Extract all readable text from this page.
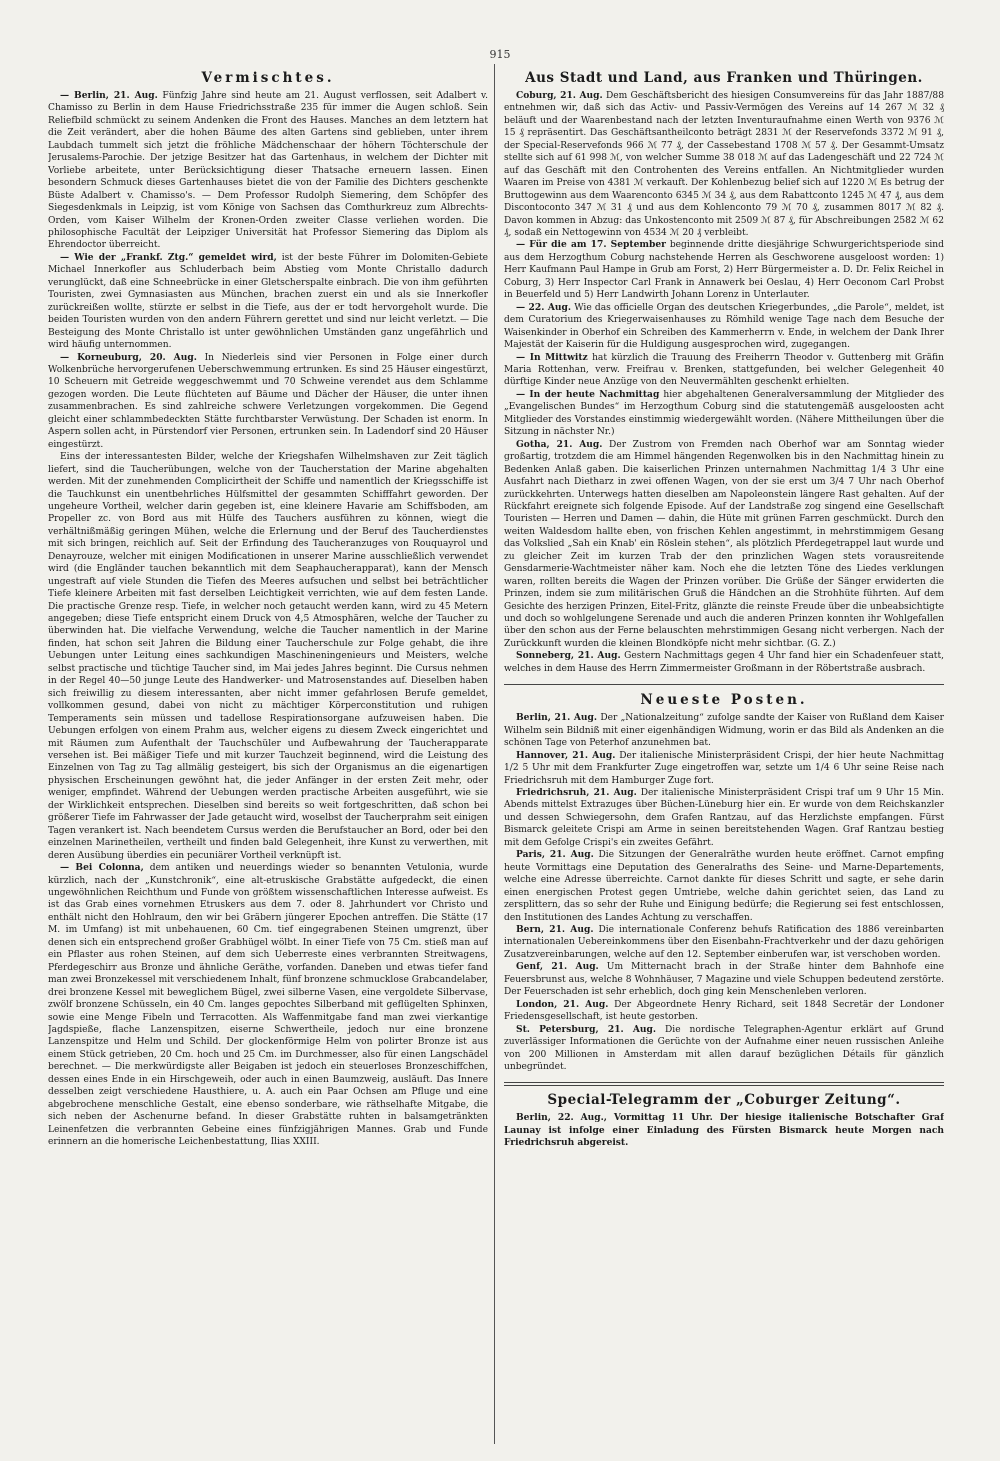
915
Vermischtes.

— Berlin, 21. Aug. Fünfzig Jahre sind heute am 21. August verflossen, seit Adalbert v. Chamisso zu Berlin in dem Hause Friedrichsstraße 235 für immer die Augen schloß. Sein Reliefbild schmückt zu seinem Andenken die Front des Hauses. Manches an dem letztern hat die Zeit verändert, aber die hohen Bäume des alten Gartens sind geblieben, unter ihrem Laubdach tummelt sich jetzt die fröhliche Mädchenschaar der höhern Töchterschule der Jerusalems-Parochie. Der jetzige Besitzer hat das Gartenhaus, in welchem der Dichter mit Vorliebe arbeitete, unter Berücksichtigung dieser Thatsache erneuern lassen. Einen besondern Schmuck dieses Gartenhauses bietet die von der Familie des Dichters geschenkte Büste Adalbert v. Chamisso's. — Dem Professor Rudolph Siemering, dem Schöpfer des Siegesdenkmals in Leipzig, ist vom Könige von Sachsen das Comthurkreuz zum Albrechts-Orden, vom Kaiser Wilhelm der Kronen-Orden zweiter Classe verliehen worden. Die philosophische Facultät der Leipziger Universität hat Professor Siemering das Diplom als Ehrendoctor überreicht.

— Wie der „Frankf. Ztg.“ gemeldet wird, ist der beste Führer im Dolomiten-Gebiete Michael Innerkofler aus Schluderbach beim Abstieg vom Monte Christallo dadurch verunglückt, daß eine Schneebrücke in einer Gletscherspalte einbrach. Die von ihm geführten Touristen, zwei Gymnasiasten aus München, brachen zuerst ein und als sie Innerkofler zurückreißen wollte, stürzte er selbst in die Tiefe, aus der er todt hervorgeholt wurde. Die beiden Touristen wurden von den andern Führern gerettet und sind nur leicht verletzt. — Die Besteigung des Monte Christallo ist unter gewöhnlichen Umständen ganz ungefährlich und wird häufig unternommen.

— Korneuburg, 20. Aug. In Niederleis sind vier Personen in Folge einer durch Wolkenbrüche hervorgerufenen Ueberschwemmung ertrunken. Es sind 25 Häuser eingestürzt, 10 Scheuern mit Getreide weggeschwemmt und 70 Schweine verendet aus dem Schlamme gezogen worden. Die Leute flüchteten auf Bäume und Dächer der Häuser, die unter ihnen zusammenbrachen. Es sind zahlreiche schwere Verletzungen vorgekommen. Die Gegend gleicht einer schlammbedeckten Stätte furchtbarster Verwüstung. Der Schaden ist enorm. In Aspern sollen acht, in Pürstendorf vier Personen, ertrunken sein. In Ladendorf sind 20 Häuser eingestürzt.

Eins der interessantesten Bilder, welche der Kriegshafen Wilhelmshaven zur Zeit täglich liefert, sind die Taucherübungen, welche von der Taucherstation der Marine abgehalten werden. Mit der zunehmenden Complicirtheit der Schiffe und namentlich der Kriegsschiffe ist die Tauchkunst ein unentbehrliches Hülfsmittel der gesammten Schifffahrt geworden. Der ungeheure Vortheil, welcher darin gegeben ist, eine kleinere Havarie am Schiffsboden, am Propeller zc. von Bord aus mit Hülfe des Tauchers ausführen zu können, wiegt die verhältnißmäßig geringen Mühen, welche die Erlernung und der Beruf des Taucherdienstes mit sich bringen, reichlich auf. Seit der Erfindung des Taucheranzuges von Rouquayrol und Denayrouze, welcher mit einigen Modificationen in unserer Marine ausschließlich verwendet wird (die Engländer tauchen bekanntlich mit dem Seaphaucherapparat), kann der Mensch ungestraft auf viele Stunden die Tiefen des Meeres aufsuchen und selbst bei beträchtlicher Tiefe kleinere Arbeiten mit fast derselben Leichtigkeit verrichten, wie auf dem festen Lande. Die practische Grenze resp. Tiefe, in welcher noch getaucht werden kann, wird zu 45 Metern angegeben; diese Tiefe entspricht einem Druck von 4,5 Atmosphären, welche der Taucher zu überwinden hat. Die vielfache Verwendung, welche die Taucher namentlich in der Marine finden, hat schon seit Jahren die Bildung einer Taucherschule zur Folge gehabt, die ihre Uebungen unter Leitung eines sachkundigen Maschineningenieurs und Meisters, welche selbst practische und tüchtige Taucher sind, im Mai jedes Jahres beginnt. Die Cursus nehmen in der Regel 40—50 junge Leute des Handwerker- und Matrosenstandes auf. Dieselben haben sich freiwillig zu diesem interessanten, aber nicht immer gefahrlosen Berufe gemeldet, vollkommen gesund, dabei von nicht zu mächtiger Körperconstitution und ruhigen Temperaments sein müssen und tadellose Respirationsorgane aufzuweisen haben. Die Uebungen erfolgen von einem Prahm aus, welcher eigens zu diesem Zweck eingerichtet und mit Räumen zum Aufenthalt der Tauchschüler und Aufbewahrung der Taucherapparate versehen ist. Bei mäßiger Tiefe und mit kurzer Tauchzeit beginnend, wird die Leistung des Einzelnen von Tag zu Tag allmälig gesteigert, bis sich der Organismus an die eigenartigen physischen Erscheinungen gewöhnt hat, die jeder Anfänger in der ersten Zeit mehr, oder weniger, empfindet. Während der Uebungen werden practische Arbeiten ausgeführt, wie sie der Wirklichkeit entsprechen. Dieselben sind bereits so weit fortgeschritten, daß schon bei größerer Tiefe im Fahrwasser der Jade getaucht wird, woselbst der Taucherprahm seit einigen Tagen verankert ist. Nach beendetem Cursus werden die Berufstaucher an Bord, oder bei den einzelnen Marinetheilen, vertheilt und finden bald Gelegenheit, ihre Kunst zu verwerthen, mit deren Ausübung überdies ein pecuniärer Vortheil verknüpft ist.

— Bei Colonna, dem antiken und neuerdings wieder so benannten Vetulonia, wurde kürzlich, nach der „Kunstchronik“, eine alt-etruskische Grabstätte aufgedeckt, die einen ungewöhnlichen Reichthum und Funde von größtem wissenschaftlichen Interesse aufweist. Es ist das Grab eines vornehmen Etruskers aus dem 7. oder 8. Jahrhundert vor Christo und enthält nicht den Hohlraum, den wir bei Gräbern jüngerer Epochen antreffen. Die Stätte (17 M. im Umfang) ist mit unbehauenen, 60 Cm. tief eingegrabenen Steinen umgrenzt, über denen sich ein entsprechend großer Grabhügel wölbt. In einer Tiefe von 75 Cm. stieß man auf ein Pflaster aus rohen Steinen, auf dem sich Ueberreste eines verbrannten Streitwagens, Pferdegeschirr aus Bronze und ähnliche Geräthe, vorfanden. Daneben und etwas tiefer fand man zwei Bronzekessel mit verschiedenem Inhalt, fünf bronzene schmucklose Grabcandelaber, drei bronzene Kessel mit beweglichem Bügel, zwei silberne Vasen, eine vergoldete Silbervase, zwölf bronzene Schüsseln, ein 40 Cm. langes gepochtes Silberband mit geflügelten Sphinxen, sowie eine Menge Fibeln und Terracotten. Als Waffenmitgabe fand man zwei vierkantige Jagdspieße, flache Lanzenspitzen, eiserne Schwertheile, jedoch nur eine bronzene Lanzenspitze und Helm und Schild. Der glockenförmige Helm von polirter Bronze ist aus einem Stück getrieben, 20 Cm. hoch und 25 Cm. im Durchmesser, also für einen Langschädel berechnet. — Die merkwürdigste aller Beigaben ist jedoch ein steuerloses Bronzeschiffchen, dessen eines Ende in ein Hirschgeweih, oder auch in einen Baumzweig, ausläuft. Das Innere desselben zeigt verschiedene Hausthiere, u. A. auch ein Paar Ochsen am Pfluge und eine abgebrochene menschliche Gestalt, eine ebenso sonderbare, wie räthselhafte Mitgabe, die sich neben der Aschenurne befand. In dieser Grabstätte ruhten in balsamgetränkten Leinenfetzen die verbrannten Gebeine eines fünfzigjährigen Mannes. Grab und Funde erinnern an die homerische Leichenbestattung, Ilias XXIII.

Aus Stadt und Land, aus Franken und Thüringen.

Coburg, 21. Aug. Dem Geschäftsbericht des hiesigen Consumvereins für das Jahr 1887/88 entnehmen wir, daß sich das Activ- und Passiv-Vermögen des Vereins auf 14 267 ℳ 32 ₰ beläuft und der Waarenbestand nach der letzten Inventuraufnahme einen Werth von 9376 ℳ 15 ₰ repräsentirt. Das Geschäftsantheilconto beträgt 2831 ℳ der Reservefonds 3372 ℳ 91 ₰, der Special-Reservefonds 966 ℳ 77 ₰, der Cassebestand 1708 ℳ 57 ₰. Der Gesammt-Umsatz stellte sich auf 61 998 ℳ, von welcher Summe 38 018 ℳ auf das Ladengeschäft und 22 724 ℳ auf das Geschäft mit den Controhenten des Vereins entfallen. An Nichtmitglieder wurden Waaren im Preise von 4381 ℳ verkauft. Der Kohlenbezug belief sich auf 1220 ℳ Es betrug der Bruttogewinn aus dem Waarenconto 6345 ℳ 34 ₰, aus dem Rabattconto 1245 ℳ 47 ₰, aus dem Discontoconto 347 ℳ 31 ₰ und aus dem Kohlenconto 79 ℳ 70 ₰, zusammen 8017 ℳ 82 ₰. Davon kommen in Abzug: das Unkostenconto mit 2509 ℳ 87 ₰, für Abschreibungen 2582 ℳ 62 ₰, sodaß ein Nettogewinn von 4534 ℳ 20 ₰ verbleibt.

— Für die am 17. September beginnende dritte diesjährige Schwurgerichtsperiode sind aus dem Herzogthum Coburg nachstehende Herren als Geschworene ausgeloost worden: 1) Herr Kaufmann Paul Hampe in Grub am Forst, 2) Herr Bürgermeister a. D. Dr. Felix Reichel in Coburg, 3) Herr Inspector Carl Frank in Annawerk bei Oeslau, 4) Herr Oeconom Carl Probst in Beuerfeld und 5) Herr Landwirth Johann Lorenz in Unterlauter.

— 22. Aug. Wie das officielle Organ des deutschen Kriegerbundes, „die Parole“, meldet, ist dem Curatorium des Kriegerwaisenhauses zu Römhild wenige Tage nach dem Besuche der Waisenkinder in Oberhof ein Schreiben des Kammerherrn v. Ende, in welchem der Dank Ihrer Majestät der Kaiserin für die Huldigung ausgesprochen wird, zugegangen.

— In Mittwitz hat kürzlich die Trauung des Freiherrn Theodor v. Guttenberg mit Gräfin Maria Rottenhan, verw. Freifrau v. Brenken, stattgefunden, bei welcher Gelegenheit 40 dürftige Kinder neue Anzüge von den Neuvermählten geschenkt erhielten.

— In der heute Nachmittag hier abgehaltenen Generalversammlung der Mitglieder des „Evangelischen Bundes“ im Herzogthum Coburg sind die statutengemäß ausgeloosten acht Mitglieder des Vorstandes einstimmig wiedergewählt worden. (Nähere Mittheilungen über die Sitzung in nächster Nr.)

Gotha, 21. Aug. Der Zustrom von Fremden nach Oberhof war am Sonntag wieder großartig, trotzdem die am Himmel hängenden Regenwolken bis in den Nachmittag hinein zu Bedenken Anlaß gaben. Die kaiserlichen Prinzen unternahmen Nachmittag 1/4 3 Uhr eine Ausfahrt nach Dietharz in zwei offenen Wagen, von der sie erst um 3/4 7 Uhr nach Oberhof zurückkehrten. Unterwegs hatten dieselben am Napoleonstein längere Rast gehalten. Auf der Rückfahrt ereignete sich folgende Episode. Auf der Landstraße zog singend eine Gesellschaft Touristen — Herren und Damen — dahin, die Hüte mit grünen Farren geschmückt. Durch den weiten Waldesdom hallte eben, von frischen Kehlen angestimmt, in mehrstimmigem Gesang das Volkslied „Sah ein Knab' ein Röslein stehen“, als plötzlich Pferdegetrappel laut wurde und zu gleicher Zeit im kurzen Trab der den prinzlichen Wagen stets vorausreitende Gensdarmerie-Wachtmeister näher kam. Noch ehe die letzten Töne des Liedes verklungen waren, rollten bereits die Wagen der Prinzen vorüber. Die Grüße der Sänger erwiderten die Prinzen, indem sie zum militärischen Gruß die Händchen an die Strohhüte führten. Auf dem Gesichte des herzigen Prinzen, Eitel-Fritz, glänzte die reinste Freude über die unbeabsichtigte und doch so wohlgelungene Serenade und auch die anderen Prinzen konnten ihr Wohlgefallen über den schon aus der Ferne belauschten mehrstimmigen Gesang nicht verbergen. Nach der Zurückkunft wurden die kleinen Blondköpfe nicht mehr sichtbar. (G. Z.)

Sonneberg, 21. Aug. Gestern Nachmittags gegen 4 Uhr fand hier ein Schadenfeuer statt, welches in dem Hause des Herrn Zimmermeister Großmann in der Röbertstraße ausbrach.

Neueste Posten.

Berlin, 21. Aug. Der „Nationalzeitung“ zufolge sandte der Kaiser von Rußland dem Kaiser Wilhelm sein Bildniß mit einer eigenhändigen Widmung, worin er das Bild als Andenken an die schönen Tage von Peterhof anzunehmen bat.

Hannover, 21. Aug. Der italienische Ministerpräsident Crispi, der hier heute Nachmittag 1/2 5 Uhr mit dem Frankfurter Zuge eingetroffen war, setzte um 1/4 6 Uhr seine Reise nach Friedrichsruh mit dem Hamburger Zuge fort.

Friedrichsruh, 21. Aug. Der italienische Ministerpräsident Crispi traf um 9 Uhr 15 Min. Abends mittelst Extrazuges über Büchen-Lüneburg hier ein. Er wurde von dem Reichskanzler und dessen Schwiegersohn, dem Grafen Rantzau, auf das Herzlichste empfangen. Fürst Bismarck geleitete Crispi am Arme in seinen bereitstehenden Wagen. Graf Rantzau bestieg mit dem Gefolge Crispi's ein zweites Gefährt.

Paris, 21. Aug. Die Sitzungen der Generalräthe wurden heute eröffnet. Carnot empfing heute Vormittags eine Deputation des Generalraths des Seine- und Marne-Departements, welche eine Adresse überreichte. Carnot dankte für dieses Schritt und sagte, er sehe darin einen energischen Protest gegen Umtriebe, welche dahin gerichtet seien, das Land zu zersplittern, das so sehr der Ruhe und Einigung bedürfe; die Regierung sei fest entschlossen, den Institutionen des Landes Achtung zu verschaffen.

Bern, 21. Aug. Die internationale Conferenz behufs Ratification des 1886 vereinbarten internationalen Uebereinkommens über den Eisenbahn-Frachtverkehr und der dazu gehörigen Zusatzvereinbarungen, welche auf den 12. September einberufen war, ist verschoben worden.

Genf, 21. Aug. Um Mitternacht brach in der Straße hinter dem Bahnhofe eine Feuersbrunst aus, welche 8 Wohnhäuser, 7 Magazine und viele Schuppen bedeutend zerstörte. Der Feuerschaden ist sehr erheblich, doch ging kein Menschenleben verloren.

London, 21. Aug. Der Abgeordnete Henry Richard, seit 1848 Secretär der Londoner Friedensgesellschaft, ist heute gestorben.

St. Petersburg, 21. Aug. Die nordische Telegraphen-Agentur erklärt auf Grund zuverlässiger Informationen die Gerüchte von der Aufnahme einer neuen russischen Anleihe von 200 Millionen in Amsterdam mit allen darauf bezüglichen Détails für gänzlich unbegründet.

Special-Telegramm der „Coburger Zeitung“.

Berlin, 22. Aug., Vormittag 11 Uhr. Der hiesige italienische Botschafter Graf Launay ist infolge einer Einladung des Fürsten Bismarck heute Morgen nach Friedrichsruh abgereist.
